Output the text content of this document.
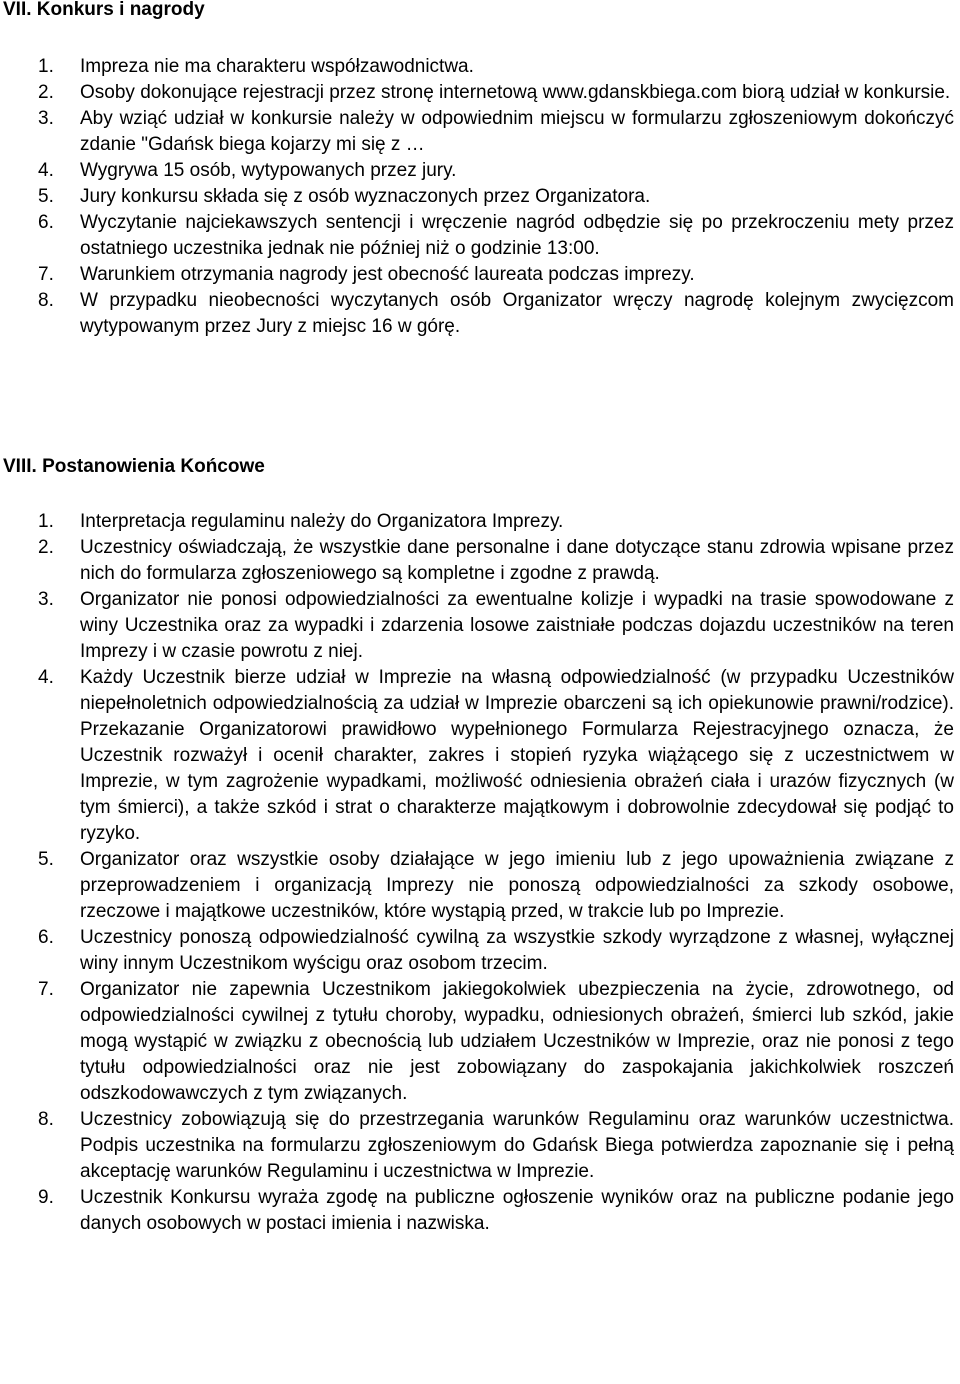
VII. Konkurs i nagrody
1. Impreza nie ma charakteru współzawodnictwa.
2. Osoby dokonujące rejestracji przez stronę internetową www.gdanskbiega.com biorą udział w konkursie.
3. Aby wziąć udział w konkursie należy w odpowiednim miejscu w formularzu zgłoszeniowym dokończyć zdanie "Gdańsk biega kojarzy mi się z …
4. Wygrywa 15 osób, wytypowanych przez jury.
5. Jury konkursu składa się z osób wyznaczonych przez Organizatora.
6. Wyczytanie najciekawszych sentencji i wręczenie nagród odbędzie się po przekroczeniu mety przez ostatniego uczestnika jednak nie później niż o godzinie 13:00.
7. Warunkiem otrzymania nagrody jest obecność laureata podczas imprezy.
8. W przypadku nieobecności wyczytanych osób Organizator wręczy nagrodę kolejnym zwycięzcom wytypowanym przez Jury z miejsc 16 w górę.
VIII. Postanowienia Końcowe
1. Interpretacja regulaminu należy do Organizatora Imprezy.
2. Uczestnicy oświadczają, że wszystkie dane personalne i dane dotyczące stanu zdrowia wpisane przez nich do formularza zgłoszeniowego są kompletne i zgodne z prawdą.
3. Organizator nie ponosi odpowiedzialności za ewentualne kolizje i wypadki na trasie spowodowane z winy Uczestnika oraz za wypadki i zdarzenia losowe zaistniałe podczas dojazdu uczestników na teren Imprezy i w czasie powrotu z niej.
4. Każdy Uczestnik bierze udział w Imprezie na własną odpowiedzialność (w przypadku Uczestników niepełnoletnich odpowiedzialnością za udział w Imprezie obarczeni są ich opiekunowie prawni/rodzice). Przekazanie Organizatorowi prawidłowo wypełnionego Formularza Rejestracyjnego oznacza, że Uczestnik rozważył i ocenił charakter, zakres i stopień ryzyka wiążącego się z uczestnictwem w Imprezie, w tym zagrożenie wypadkami, możliwość odniesienia obrażeń ciała i urazów fizycznych (w tym śmierci), a także szkód i strat o charakterze majątkowym i dobrowolnie zdecydował się podjąć to ryzyko.
5. Organizator oraz wszystkie osoby działające w jego imieniu lub z jego upoważnienia związane z przeprowadzeniem i organizacją Imprezy nie ponoszą odpowiedzialności za szkody osobowe, rzeczowe i majątkowe uczestników, które wystąpią przed, w trakcie lub po Imprezie.
6. Uczestnicy ponoszą odpowiedzialność cywilną za wszystkie szkody wyrządzone z własnej, wyłącznej winy innym Uczestnikom wyścigu oraz osobom trzecim.
7. Organizator nie zapewnia Uczestnikom jakiegokolwiek ubezpieczenia na życie, zdrowotnego, od odpowiedzialności cywilnej z tytułu choroby, wypadku, odniesionych obrażeń, śmierci lub szkód, jakie mogą wystąpić w związku z obecnością lub udziałem Uczestników w Imprezie, oraz nie ponosi z tego tytułu odpowiedzialności oraz nie jest zobowiązany do zaspokajania jakichkolwiek roszczeń odszkodowawczych z tym związanych.
8. Uczestnicy zobowiązują się do przestrzegania warunków Regulaminu oraz warunków uczestnictwa. Podpis uczestnika na formularzu zgłoszeniowym do Gdańsk Biega potwierdza zapoznanie się i pełną akceptację warunków Regulaminu i uczestnictwa w Imprezie.
9. Uczestnik Konkursu wyraża zgodę na publiczne ogłoszenie wyników oraz na publiczne podanie jego danych osobowych w postaci imienia i nazwiska.
